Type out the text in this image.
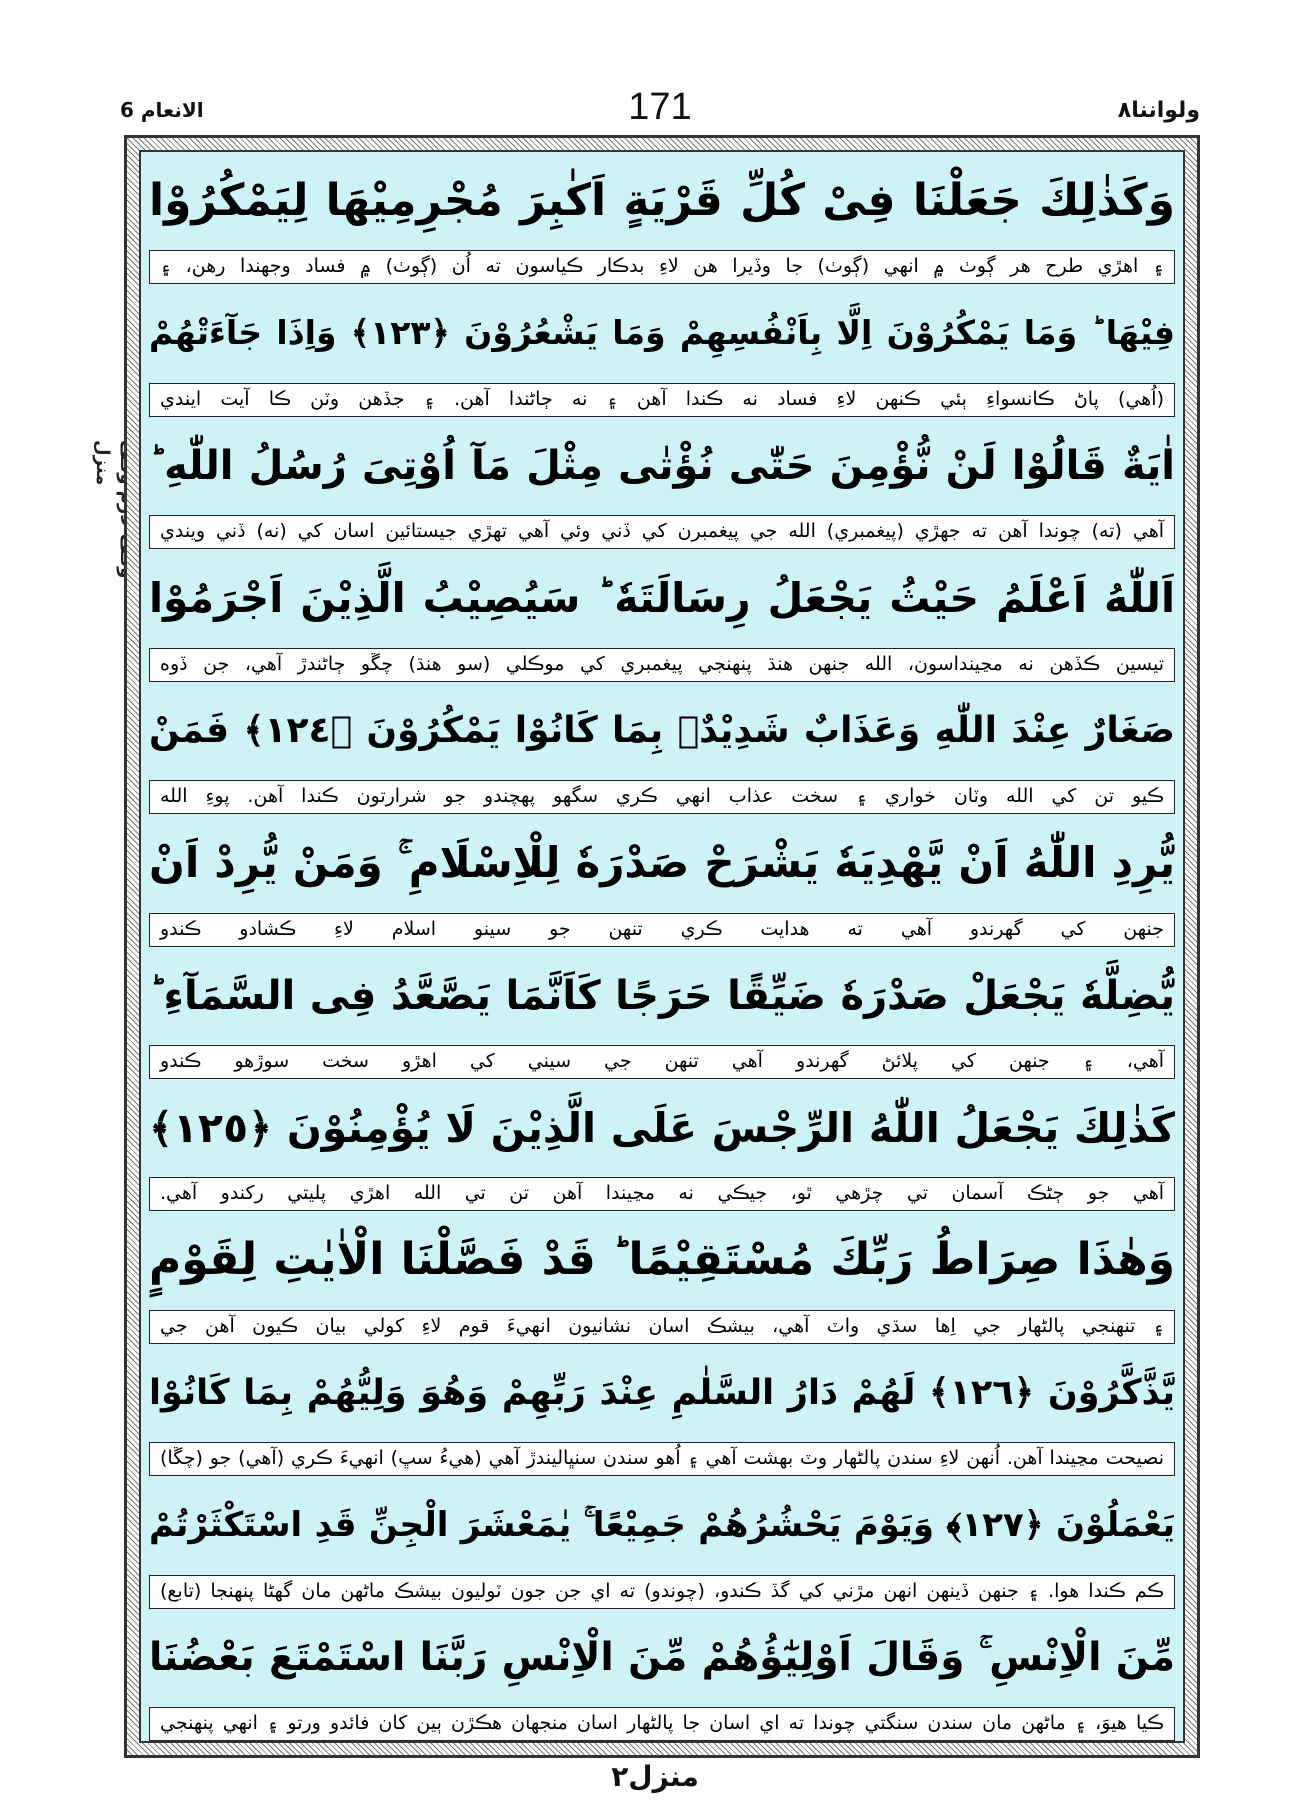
ولواننا٨
171
الانعام 6
منزل
وَكَذٰلِكَ جَعَلْنَا فِىْ كُلِّ قَرْيَةٍ اَكٰبِرَ مُجْرِمِيْهَا لِيَمْكُرُوْا
۽ اهڙي طرح هر ڳوٺ ۾ انهي (ڳوٺ) جا وڏيرا هن لاءِ بدڪار ڪياسون ته اُن (ڳوٺ) ۾ فساد وجهندا رهن، ۽
فِيْهَا ؕ وَمَا يَمْكُرُوْنَ اِلَّا بِاَنْفُسِهِمْ وَمَا يَشْعُرُوْنَ ﴿١٢٣﴾ وَاِذَا جَآءَتْهُمْ
(اُهي) پاڻ ڪانسواءِ ٻئي ڪنهن لاءِ فساد نه ڪندا آهن ۽ نه ڄاڻندا آهن. ۽ جڏهن وٽن ڪا آيت ايندي
اٰيَةٌ قَالُوْا لَنْ نُّؤْمِنَ حَتّٰى نُؤْتٰى مِثْلَ مَآ اُوْتِىَ رُسُلُ اللّٰهِ ؕ
آهي (ته) چوندا آهن ته جهڙي (پيغمبري) الله جي پيغمبرن کي ڏني وئي آهي تهڙي جيستائين اسان کي (نه) ڏني ويندي
اَللّٰهُ اَعْلَمُ حَيْثُ يَجْعَلُ رِسَالَتَهٗ ؕ سَيُصِيْبُ الَّذِيْنَ اَجْرَمُوْا
تيسين ڪڏهن نه مڃينداسون، الله جنهن هنڌ پنهنجي پيغمبري کي موڪلي (سو هنڌ) چڱو ڄاڻندڙ آهي، جن ڏوه
صَغَارٌ عِنْدَ اللّٰهِ وَعَذَابٌ شَدِيْدٌۢ بِمَا كَانُوْا يَمْكُرُوْنَ ﴿١٢٤﴾ فَمَنْ
ڪيو تن کي الله وٽان خواري ۽ سخت عذاب انهي ڪري سگهو پهچندو جو شرارتون ڪندا آهن. پوءِ الله
يُّرِدِ اللّٰهُ اَنْ يَّهْدِيَهٗ يَشْرَحْ صَدْرَهٗ لِلْاِسْلَامِ ۚ وَمَنْ يُّرِدْ اَنْ
جنهن کي گهرندو آهي ته هدايت ڪري تنهن جو سينو اسلام لاءِ ڪشادو ڪندو
يُّضِلَّهٗ يَجْعَلْ صَدْرَهٗ ضَيِّقًا حَرَجًا كَاَنَّمَا يَصَّعَّدُ فِى السَّمَآءِ ؕ
آهي، ۽ جنهن کي پلائڻ گهرندو آهي تنهن جي سيني کي اهڙو سخت سوڙهو ڪندو
كَذٰلِكَ يَجْعَلُ اللّٰهُ الرِّجْسَ عَلَى الَّذِيْنَ لَا يُؤْمِنُوْنَ ﴿١٢٥﴾
آهي جو ڄڻڪ آسمان تي چڙهي ٿو، جيڪي نه مڃيندا آهن تن تي الله اهڙي پليتي رکندو آهي.
وَهٰذَا صِرَاطُ رَبِّكَ مُسْتَقِيْمًا ؕ قَدْ فَصَّلْنَا الْاٰيٰتِ لِقَوْمٍ
۽ تنهنجي پالڻهار جي اِها سڌي واٽ آهي، بيشڪ اسان نشانيون انهيءَ قوم لاءِ کولي بيان ڪيون آهن جي
يَّذَّكَّرُوْنَ ﴿١٢٦﴾ لَهُمْ دَارُ السَّلٰمِ عِنْدَ رَبِّهِمْ وَهُوَ وَلِيُّهُمْ بِمَا كَانُوْا
نصيحت مڃيندا آهن. اُنهن لاءِ سندن پالڻهار وٽ بهشت آهي ۽ اُهو سندن سنڀاليندڙ آهي (هيءُ سڀ) انهيءَ ڪري (آهي) جو (چڱا)
يَعْمَلُوْنَ ﴿١٢٧﴾ وَيَوْمَ يَحْشُرُهُمْ جَمِيْعًا ۚ يٰمَعْشَرَ الْجِنِّ قَدِ اسْتَكْثَرْتُمْ
ڪم ڪندا هوا. ۽ جنهن ڏينهن انهن مڙني کي گڏ ڪندو، (چوندو) ته اي جن جون ٽوليون بيشڪ ماڻهن مان گهڻا پنهنجا (تابع)
مِّنَ الْاِنْسِ ۚ وَقَالَ اَوْلِيٰٓؤُهُمْ مِّنَ الْاِنْسِ رَبَّنَا اسْتَمْتَعَ بَعْضُنَا
ڪيا هيوَ، ۽ ماڻهن مان سندن سنگتي چوندا ته اي اسان جا پالڻهار اسان منجهان هڪڙن ٻين کان فائدو ورتو ۽ انهي پنهنجي
منزل٢
